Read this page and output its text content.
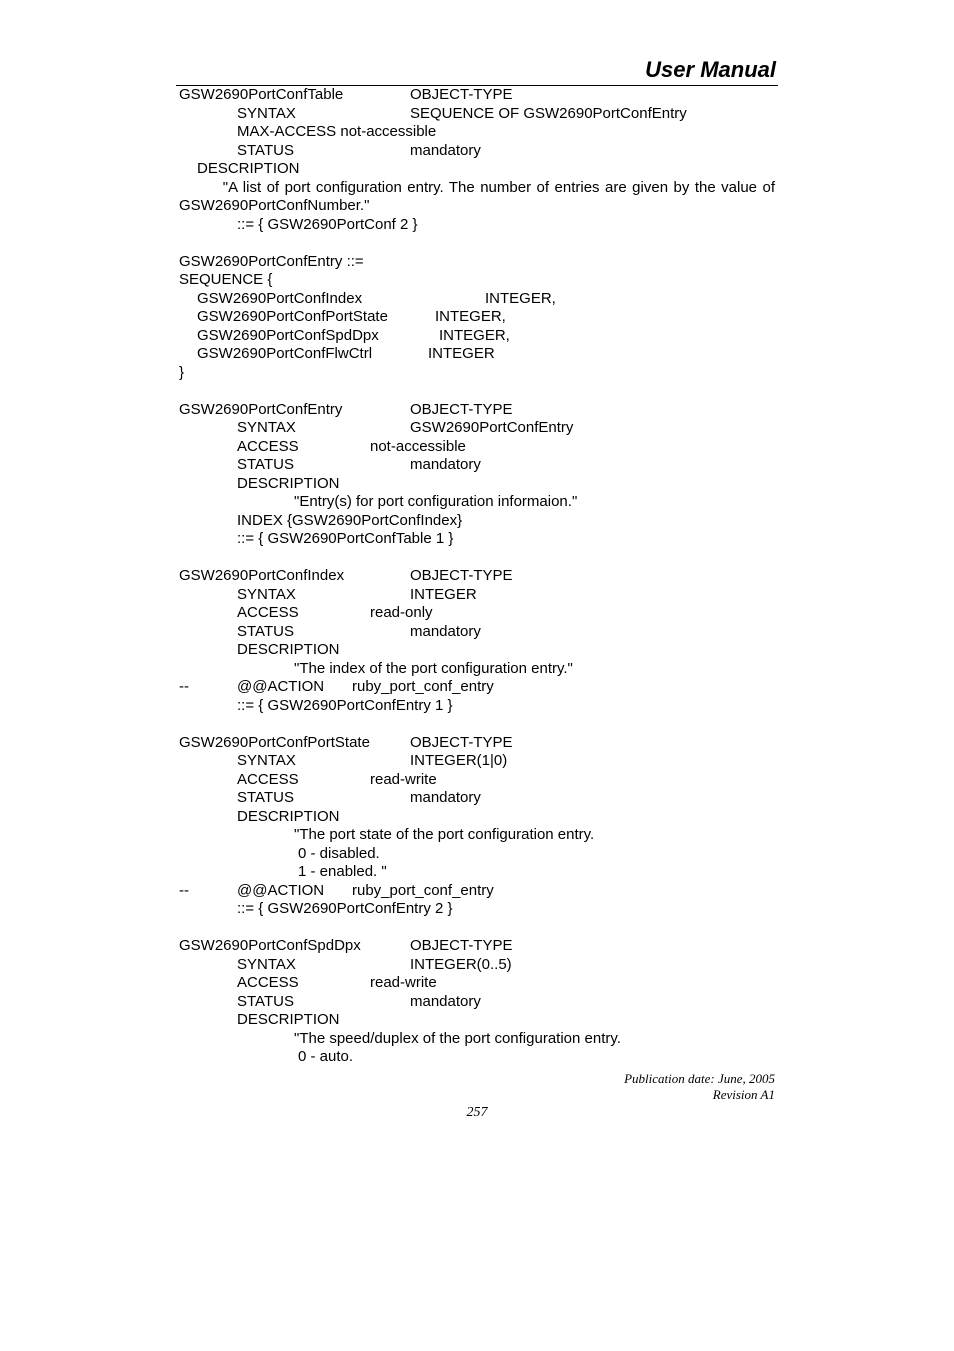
User Manual
GSW2690PortConfTable	OBJECT-TYPE
SYNTAX	SEQUENCE OF GSW2690PortConfEntry
MAX-ACCESS not-accessible
STATUS	mandatory
DESCRIPTION
"A list of port configuration entry. The number of entries are given by the value of GSW2690PortConfNumber."
::= { GSW2690PortConf 2 }
GSW2690PortConfEntry ::=
SEQUENCE {
GSW2690PortConfIndex	INTEGER,
GSW2690PortConfPortState	INTEGER,
GSW2690PortConfSpdDpx	INTEGER,
GSW2690PortConfFlwCtrl	INTEGER
}
GSW2690PortConfEntry	OBJECT-TYPE
SYNTAX	GSW2690PortConfEntry
ACCESS	not-accessible
STATUS	mandatory
DESCRIPTION
"Entry(s) for port configuration informaion."
INDEX {GSW2690PortConfIndex}
::= { GSW2690PortConfTable 1 }
GSW2690PortConfIndex	OBJECT-TYPE
SYNTAX	INTEGER
ACCESS	read-only
STATUS	mandatory
DESCRIPTION
"The index of the port configuration entry."
--	@@ACTION ruby_port_conf_entry
::= { GSW2690PortConfEntry 1 }
GSW2690PortConfPortState	OBJECT-TYPE
SYNTAX	INTEGER(1|0)
ACCESS	read-write
STATUS	mandatory
DESCRIPTION
"The port state of the port configuration entry.
0 - disabled.
1 - enabled. "
--	@@ACTION ruby_port_conf_entry
::= { GSW2690PortConfEntry 2 }
GSW2690PortConfSpdDpx	OBJECT-TYPE
SYNTAX	INTEGER(0..5)
ACCESS	read-write
STATUS	mandatory
DESCRIPTION
"The speed/duplex of the port configuration entry.
0 - auto.
Publication date: June, 2005
Revision A1
257
